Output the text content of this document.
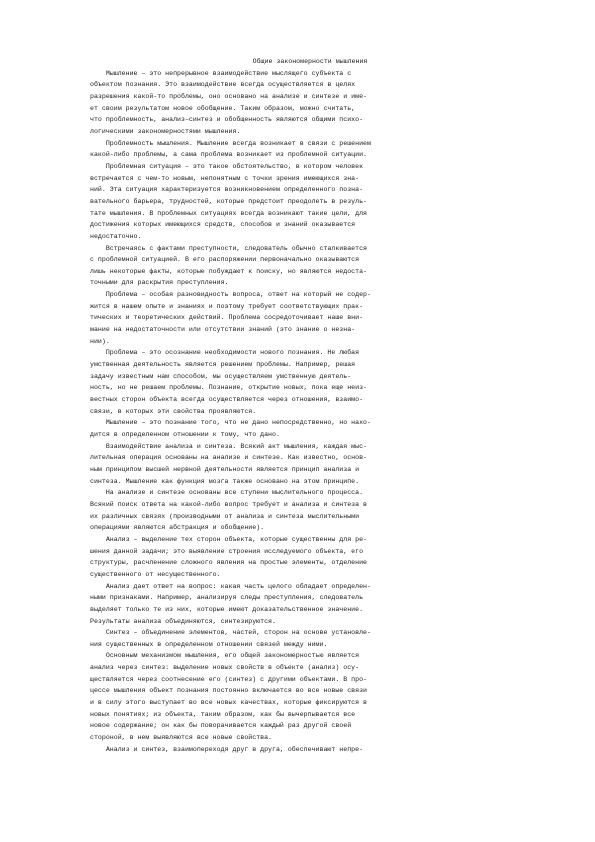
Общие закономерности мышления
Мышление – это непрерывное взаимодействие мыслящего субъекта с
объектом познания. Это взаимодействие всегда осуществляется в целях
разрешения какой-то проблемы, оно основано на анализе и синтезе и име-
ет своим результатом новое обобщение. Таким образом, можно считать,
что проблемность, анализ–синтез и обобщенность являются общими психо-
логическими закономерностями мышления.
Проблемность мышления. Мышление всегда возникает в связи с решением
какой-либо проблемы, а сама проблема возникает из проблемной ситуации.
Проблемная ситуация – это такое обстоятельство, в котором человек
встречается с чем-то новым, непонятным с точки зрения имеющихся зна-
ний. Эта ситуация характеризуется возникновением определенного позна-
вательного барьера, трудностей, которые предстоит преодолеть в резуль-
тате мышления. В проблемных ситуациях всегда возникают такие цели, для
достижения которых имеющихся средств, способов и знаний оказывается
недостаточно.
Встречаясь с фактами преступности, следователь обычно сталкивается
с проблемной ситуацией. В его распоряжении первоначально оказываются
лишь некоторые факты, которые побуждают к поиску, но являются недоста-
точными для раскрытия преступления.
Проблема – особая разновидность вопроса, ответ на который не содер-
жится в нашем опыте и знаниях и поэтому требует соответствующих прак-
тических и теоретических действий. Проблема сосредоточивает наше вни-
мание на недостаточности или отсутствии знаний (это знание о незна-
нии).
Проблема – это осознание необходимости нового познания. Не любая
умственная деятельность является решением проблемы. Например, решая
задачу известным нам способом, мы осуществляем умственную деятель-
ность, но не решаем проблемы. Познание, открытие новых, пока еще неиз-
вестных сторон объекта всегда осуществляется через отношения, взаимо-
связи, в которых эти свойства проявляются.
Мышление – это познание того, что не дано непосредственно, но нахо-
дится в определенном отношении к тому, что дано.
Взаимодействие анализа и синтеза. Всякий акт мышления, каждая мыс-
лительная операция основаны на анализе и синтезе. Как известно, основ-
ным принципом высшей нервной деятельности является принцип анализа и
синтеза. Мышление как функция мозга также основано на этом принципе.
На анализе и синтезе основаны все ступени мыслительного процесса.
Всякий поиск ответа на какой-либо вопрос требует и анализа и синтеза в
их различных связях (производными от анализа и синтеза мыслительными
операциями являются абстракция и обобщение).
Анализ – выделение тех сторон объекта, которые существенны для ре-
шения данной задачи; это выявление строения исследуемого объекта, его
структуры, расчленение сложного явления на простые элементы, отделение
существенного от несущественного.
Анализ дает ответ на вопрос: какая часть целого обладает определен-
ными признаками. Например, анализируя следы преступления, следователь
выделяет только те из них, которые имеют доказательственное значение.
Результаты анализа объединяются, синтезируются.
Синтез – объединение элементов, частей, сторон на основе установле-
ния существенных в определенном отношении связей между ними.
Основным механизмом мышления, его общей закономерностью является
анализ через синтез: выделение новых свойств в объекте (анализ) осу-
ществляется через соотнесение его (синтез) с другими объектами. В про-
цессе мышления объект познания постоянно включается во все новые связи
и в силу этого выступает во все новых качествах, которые фиксируются в
новых понятиях; из объекта, таким образом, как бы вычерпывается все
новое содержание; он как бы поворачивается каждый раз другой своей
стороной, в нем выявляются все новые свойства.
Анализ и синтез, взаимопереходя друг в друга, обеспечивают непре-
